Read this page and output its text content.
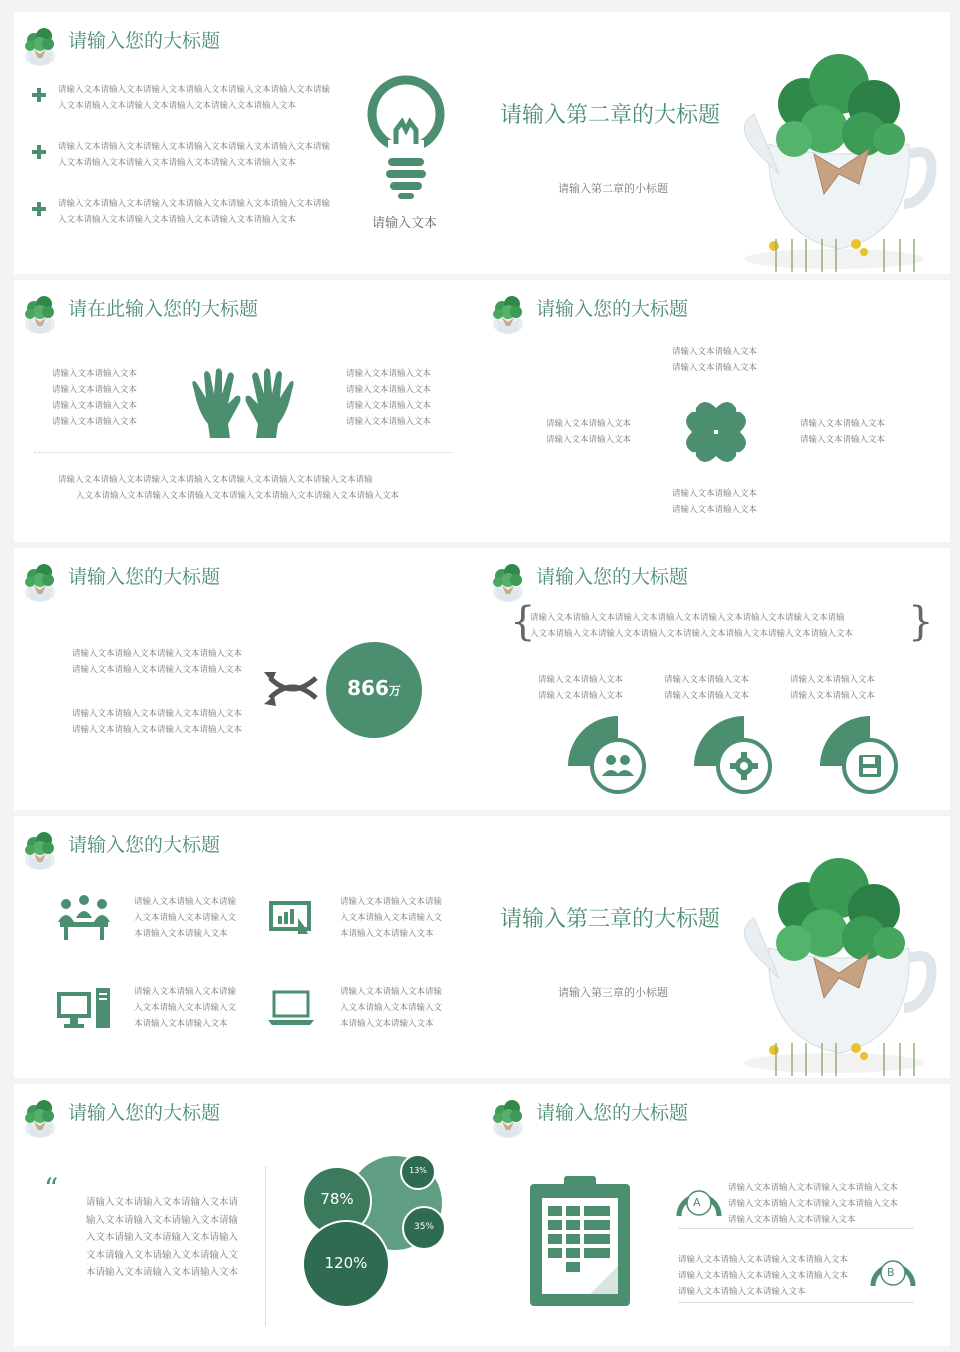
请输入您的大标题
请输入文本请输入文本请输入文本请输入文本请输入文本请输入文本请输
入文本请输入文本请输入文本请输入文本请输入文本请输入文本
请输入文本请输入文本请输入文本请输入文本请输入文本请输入文本请输
入文本请输入文本请输入文本请输入文本请输入文本请输入文本
请输入文本请输入文本请输入文本请输入文本请输入文本请输入文本请输
入文本请输入文本请输入文本请输入文本请输入文本请输入文本	请输入文本
请输入第二章的大标题
请输入第二章的小标题
请在此输入您的大标题
请输入文本请输入文本
请输入文本请输入文本
请输入文本请输入文本
请输入文本请输入文本
请输入文本请输入文本
请输入文本请输入文本
请输入文本请输入文本
请输入文本请输入文本
请输入文本请输入文本请输入文本请输入文本请输入文本请输入文本请输入文本请输
入文本请输入文本请输入文本请输入文本请输入文本请输入文本请输入文本请输入文本
请输入您的大标题
请输入文本请输入文本
请输入文本请输入文本
请输入文本请输入文本
请输入文本请输入文本
请输入文本请输入文本
请输入文本请输入文本
请输入文本请输入文本
请输入文本请输入文本
请输入您的大标题
请输入文本请输入文本请输入文本请输入文本
请输入文本请输入文本请输入文本请输入文本
请输入文本请输入文本请输入文本请输入文本
请输入文本请输入文本请输入文本请输入文本
866万
请输入您的大标题
{	}
请输入文本请输入文本请输入文本请输入文本请输入文本请输入文本请输入文本请输
入文本请输入文本请输入文本请输入文本请输入文本请输入文本请输入文本请输入文本
请输入文本请输入文本
请输入文本请输入文本
请输入文本请输入文本
请输入文本请输入文本
请输入文本请输入文本
请输入文本请输入文本
请输入您的大标题
请输入文本请输入文本请输
入文本请输入文本请输入文
本请输入文本请输入文本
请输入文本请输入文本请输
入文本请输入文本请输入文
本请输入文本请输入文本
请输入文本请输入文本请输
入文本请输入文本请输入文
本请输入文本请输入文本
请输入文本请输入文本请输
入文本请输入文本请输入文
本请输入文本请输入文本
请输入第三章的大标题
请输入第三章的小标题
请输入您的大标题
“	请输入文本请输入文本请输入文本请
输入文本请输入文本请输入文本请输
入文本请输入文本请输入文本请输入
文本请输入文本请输入文本请输入文
本请输入文本请输入文本请输入文本
78%
13%
35%
120%
请输入您的大标题
A
请输入文本请输入文本请输入文本请输入文本
请输入文本请输入文本请输入文本请输入文本
请输入文本请输入文本请输入文本
请输入文本请输入文本请输入文本请输入文本
请输入文本请输入文本请输入文本请输入文本
请输入文本请输入文本请输入文本
B
